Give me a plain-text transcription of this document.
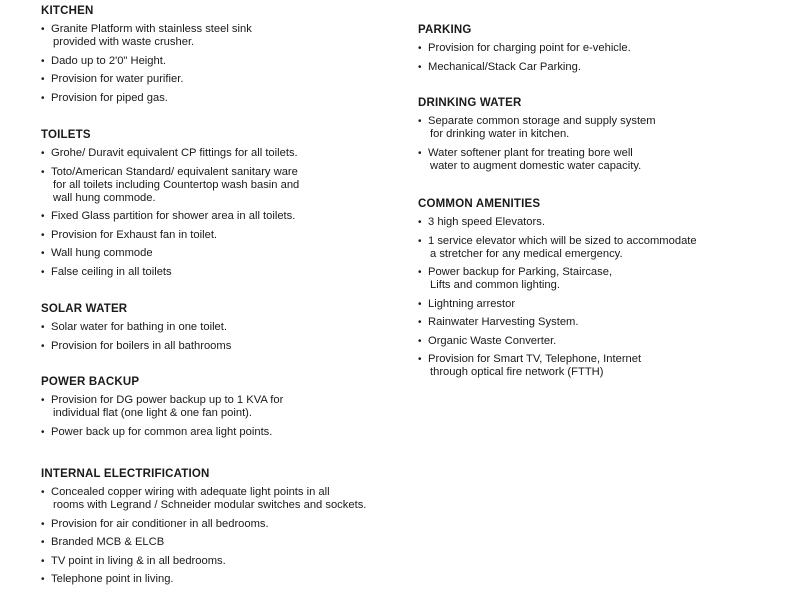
KITCHEN
• Granite Platform with stainless steel sink
provided with waste crusher.
• Dado up to 2'0" Height.
• Provision for water purifier.
• Provision for piped gas.
TOILETS
• Grohe/ Duravit equivalent CP fittings for all toilets.
• Toto/American Standard/ equivalent sanitary ware
for all toilets including Countertop wash basin and
wall hung commode.
• Fixed Glass partition for shower area in all toilets.
• Provision for Exhaust fan in toilet.
• Wall hung commode
• False ceiling in all toilets
SOLAR WATER
• Solar water for bathing in one toilet.
• Provision for boilers in all bathrooms
POWER BACKUP
• Provision for DG power backup up to 1 KVA for
individual flat (one light & one fan point).
• Power back up for common area light points.
INTERNAL ELECTRIFICATION
• Concealed copper wiring with adequate light points in all
rooms with Legrand / Schneider modular switches and sockets.
• Provision for air conditioner in all bedrooms.
• Branded MCB & ELCB
• TV point in living & in all bedrooms.
• Telephone point in living.
PARKING
• Provision for charging point for e-vehicle.
• Mechanical/Stack Car Parking.
DRINKING WATER
• Separate common storage and supply system
for drinking water in kitchen.
• Water softener plant for treating bore well
water to augment domestic water capacity.
COMMON AMENITIES
• 3 high speed Elevators.
• 1 service elevator which will be sized to accommodate
a stretcher for any medical emergency.
• Power backup for Parking, Staircase,
Lifts and common lighting.
• Lightning arrestor
• Rainwater Harvesting System.
• Organic Waste Converter.
• Provision for Smart TV, Telephone, Internet
through optical fire network (FTTH)
